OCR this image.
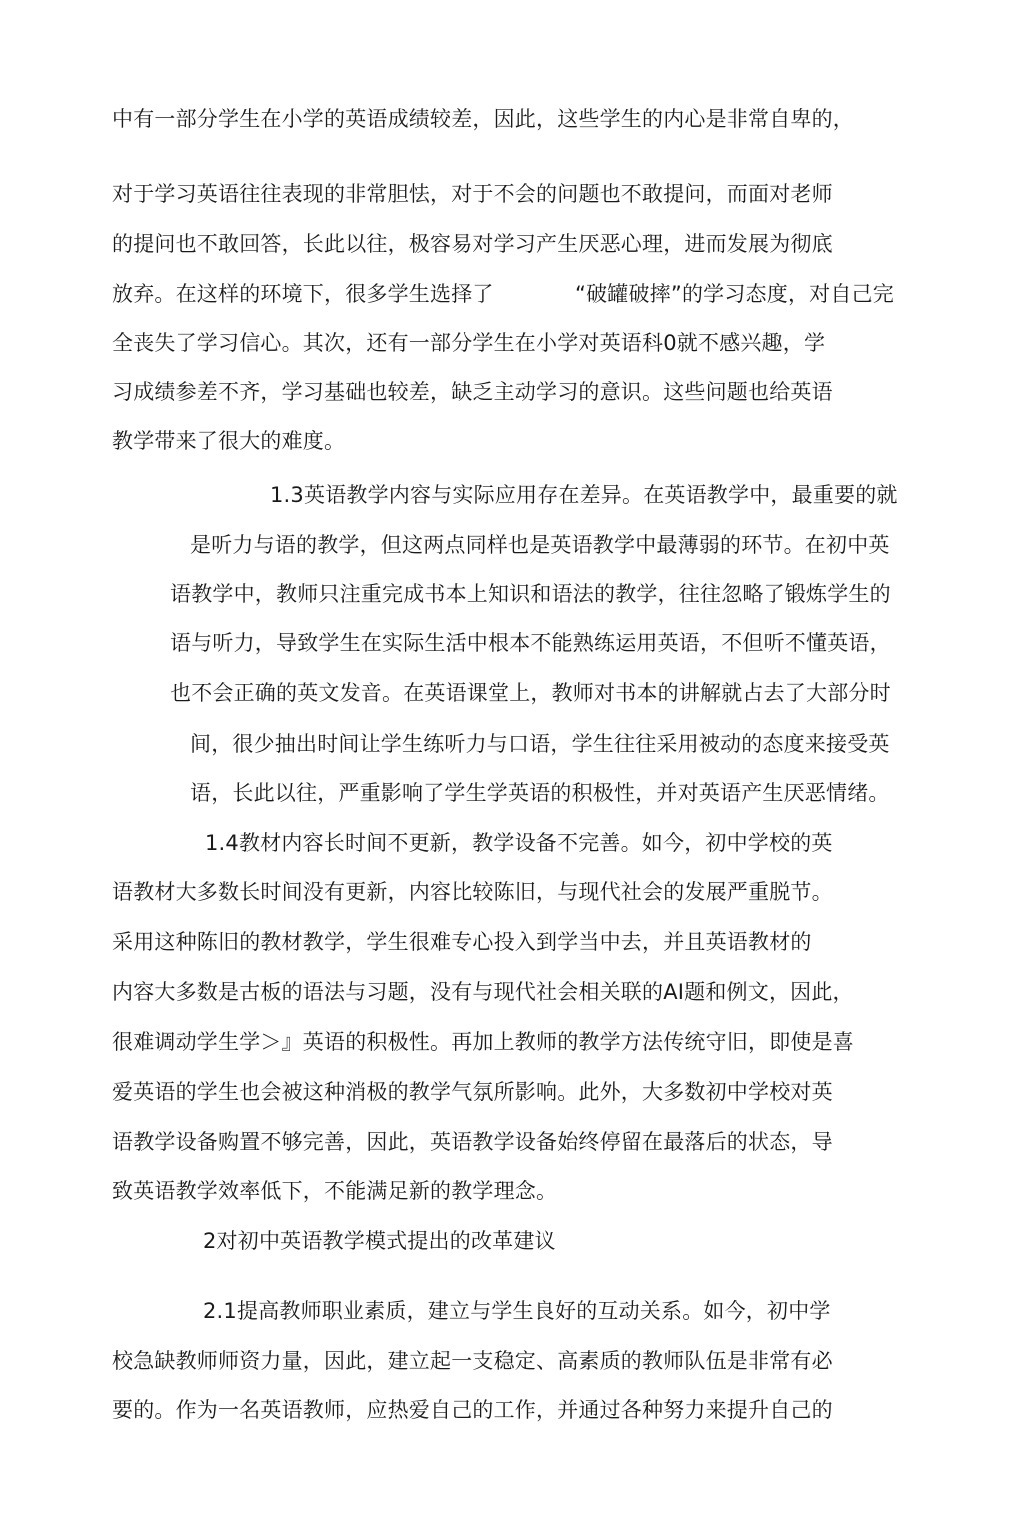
中有一部分学生在小学的英语成绩较差，因此，这些学生的内心是非常自卑的，
对于学习英语往往表现的非常胆怯，对于不会的问题也不敢提问，而面对老师
的提问也不敢回答，长此以往，极容易对学习产生厌恶心理，进而发展为彻底
放弃。在这样的环境下，很多学生选择了	“破罐破摔”的学习态度，对自己完
全丧失了学习信心。其次，还有一部分学生在小学对英语科0就不感兴趣，学
习成绩参差不齐，学习基础也较差，缺乏主动学习的意识。这些问题也给英语
教学带来了很大的难度。
1.3英语教学内容与实际应用存在差异。在英语教学中，最重要的就
是听力与语的教学，但这两点同样也是英语教学中最薄弱的环节。在初中英
语教学中，教师只注重完成书本上知识和语法的教学，往往忽略了锻炼学生的
语与听力，导致学生在实际生活中根本不能熟练运用英语，不但听不懂英语，
也不会正确的英文发音。在英语课堂上，教师对书本的讲解就占去了大部分时
间，很少抽出时间让学生练听力与口语，学生往往采用被动的态度来接受英
语，长此以往，严重影响了学生学英语的积极性，并对英语产生厌恶情绪。
1.4教材内容长时间不更新，教学设备不完善。如今，初中学校的英
语教材大多数长时间没有更新，内容比较陈旧，与现代社会的发展严重脱节。
采用这种陈旧的教材教学，学生很难专心投入到学当中去，并且英语教材的
内容大多数是古板的语法与习题，没有与现代社会相关联的AI题和例文，因此，
很难调动学生学＞』英语的积极性。再加上教师的教学方法传统守旧，即使是喜
爱英语的学生也会被这种消极的教学气氛所影响。此外，大多数初中学校对英
语教学设备购置不够完善，因此，英语教学设备始终停留在最落后的状态，导
致英语教学效率低下，不能满足新的教学理念。
2对初中英语教学模式提出的改革建议
2.1提高教师职业素质，建立与学生良好的互动关系。如今，初中学
校急缺教师师资力量，因此，建立起一支稳定、高素质的教师队伍是非常有必
要的。作为一名英语教师，应热爱自己的工作，并通过各种努力来提升自己的
